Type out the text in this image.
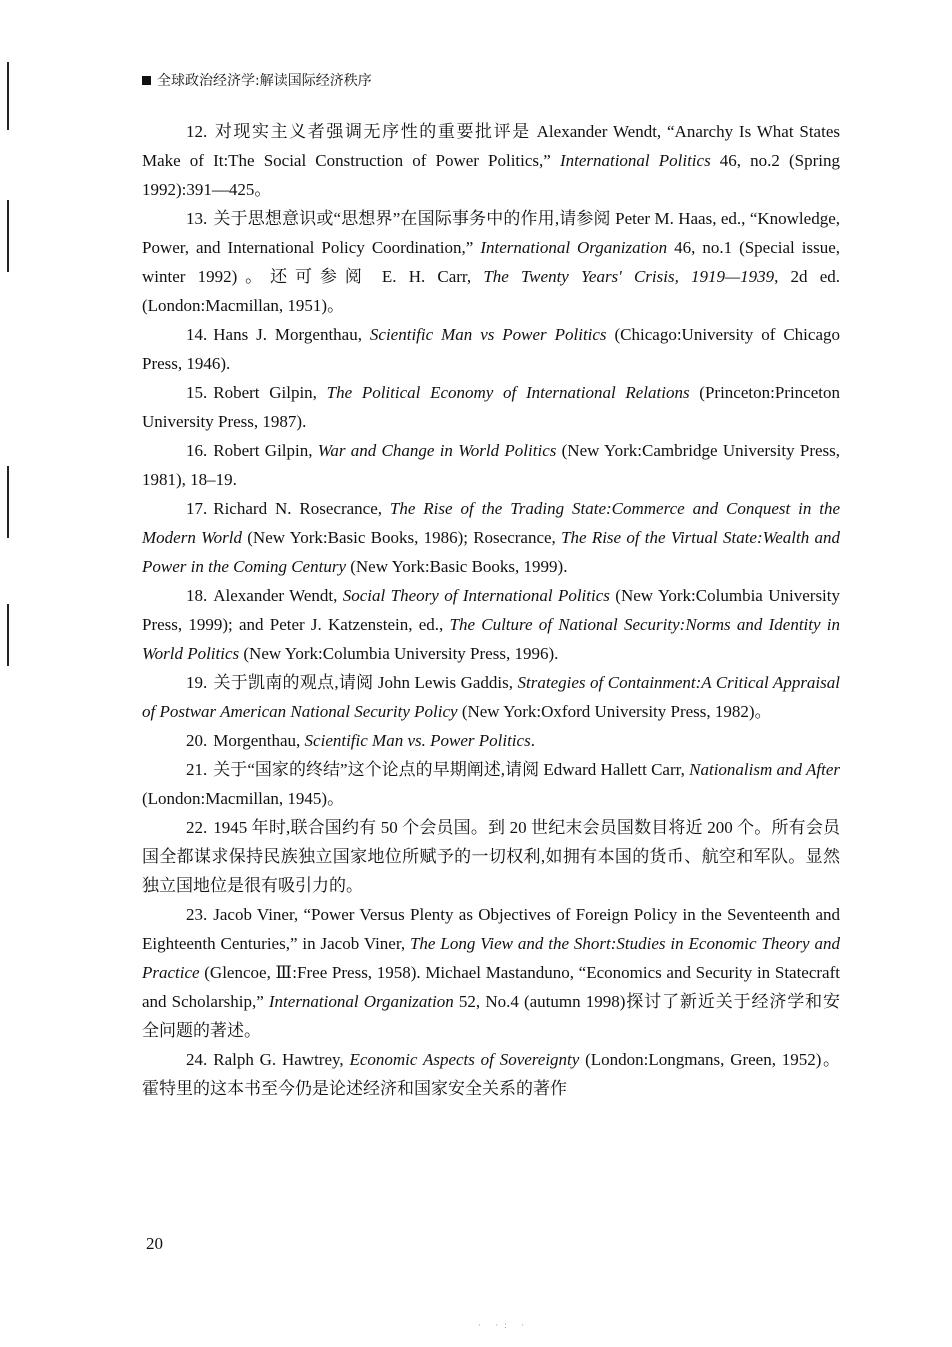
全球政治经济学:解读国际经济秩序

12. 对现实主义者强调无序性的重要批评是 Alexander Wendt, “Anarchy Is What States Make of It:The Social Construction of Power Politics,” International Politics 46, no.2 (Spring 1992):391—425。

13. 关于思想意识或“思想界”在国际事务中的作用,请参阅 Peter M. Haas, ed., “Knowledge, Power, and International Policy Coordination,” International Organization 46, no.1 (Special issue, winter 1992)。还可参阅 E. H. Carr, The Twenty Years' Crisis, 1919—1939, 2d ed. (London:Macmillan, 1951)。

14. Hans J. Morgenthau, Scientific Man vs Power Politics (Chicago:University of Chicago Press, 1946).

15. Robert Gilpin, The Political Economy of International Relations (Princeton:Princeton University Press, 1987).

16. Robert Gilpin, War and Change in World Politics (New York:Cambridge University Press, 1981), 18–19.

17. Richard N. Rosecrance, The Rise of the Trading State:Commerce and Conquest in the Modern World (New York:Basic Books, 1986); Rosecrance, The Rise of the Virtual State:Wealth and Power in the Coming Century (New York:Basic Books, 1999).

18. Alexander Wendt, Social Theory of International Politics (New York:Columbia University Press, 1999); and Peter J. Katzenstein, ed., The Culture of National Security:Norms and Identity in World Politics (New York:Columbia University Press, 1996).

19. 关于凯南的观点,请阅 John Lewis Gaddis, Strategies of Containment:A Critical Appraisal of Postwar American National Security Policy (New York:Oxford University Press, 1982)。

20. Morgenthau, Scientific Man vs. Power Politics.

21. 关于“国家的终结”这个论点的早期阐述,请阅 Edward Hallett Carr, Nationalism and After (London:Macmillan, 1945)。

22. 1945 年时,联合国约有 50 个会员国。到 20 世纪末会员国数目将近 200 个。所有会员国全都谋求保持民族独立国家地位所赋予的一切权利,如拥有本国的货币、航空和军队。显然独立国地位是很有吸引力的。

23. Jacob Viner, “Power Versus Plenty as Objectives of Foreign Policy in the Seventeenth and Eighteenth Centuries,” in Jacob Viner, The Long View and the Short:Studies in Economic Theory and Practice (Glencoe, Ⅲ:Free Press, 1958). Michael Mastanduno, “Economics and Security in Statecraft and Scholarship,” International Organization 52, No.4 (autumn 1998)探讨了新近关于经济学和安全问题的著述。

24. Ralph G. Hawtrey, Economic Aspects of Sovereignty (London:Longmans, Green, 1952)。霍特里的这本书至今仍是论述经济和国家安全关系的著作

20
· ·: ·
